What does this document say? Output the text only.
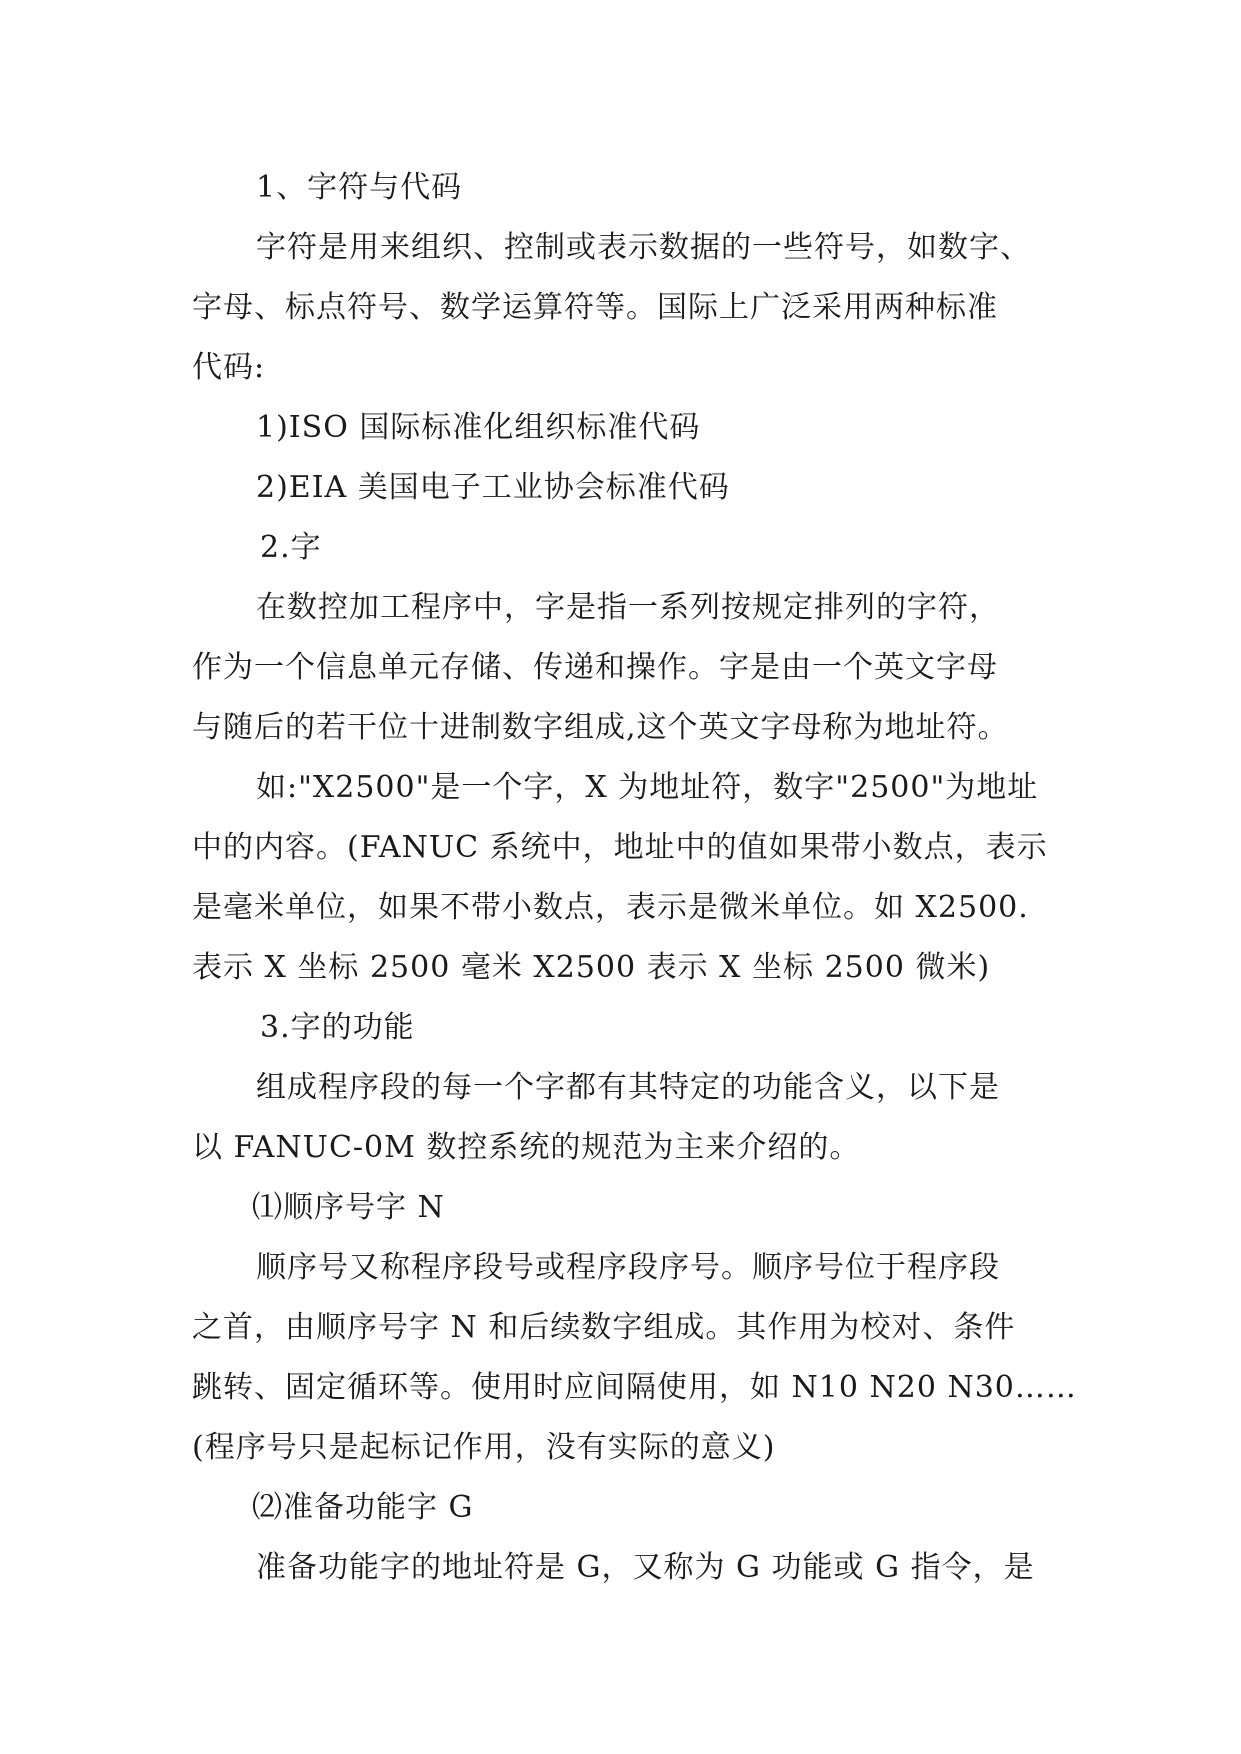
1、字符与代码
字符是用来组织、控制或表示数据的一些符号，如数字、
字母、标点符号、数学运算符等。国际上广泛采用两种标准
代码:
1)ISO 国际标准化组织标准代码
2)EIA 美国电子工业协会标准代码
2.字
在数控加工程序中，字是指一系列按规定排列的字符，
作为一个信息单元存储、传递和操作。字是由一个英文字母
与随后的若干位十进制数字组成,这个英文字母称为地址符。
如:"X2500"是一个字，X 为地址符，数字"2500"为地址
中的内容。(FANUC 系统中，地址中的值如果带小数点，表示
是毫米单位，如果不带小数点，表示是微米单位。如 X2500.
表示 X 坐标 2500 毫米 X2500 表示 X 坐标 2500 微米)
3.字的功能
组成程序段的每一个字都有其特定的功能含义，以下是
以 FANUC-0M 数控系统的规范为主来介绍的。
⑴顺序号字 N
顺序号又称程序段号或程序段序号。顺序号位于程序段
之首，由顺序号字 N 和后续数字组成。其作用为校对、条件
跳转、固定循环等。使用时应间隔使用，如 N10 N20 N30……
(程序号只是起标记作用，没有实际的意义)
⑵准备功能字 G
准备功能字的地址符是 G，又称为 G 功能或 G 指令，是
